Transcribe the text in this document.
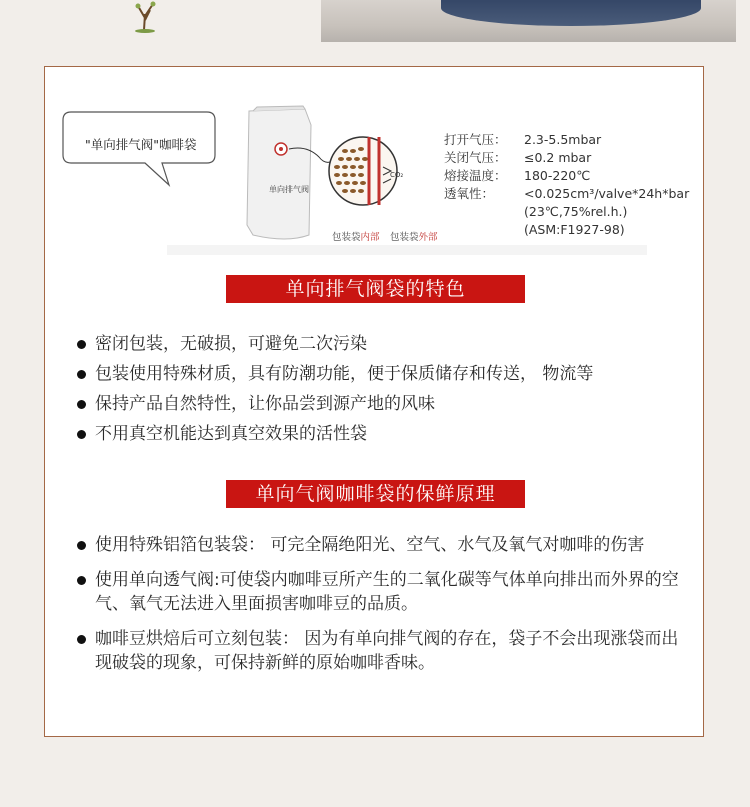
"单向排气阀"咖啡袋
单向排气阀
CO₂
包装袋内部 包装袋外部
打开气压：	2.3-5.5mbar
关闭气压：	≤0.2 mbar
熔接温度：	180-220℃
透氧性：	<0.025cm³/valve*24h*bar
(23℃,75%rel.h.)
(ASM:F1927-98)
单向排气阀袋的特色
密闭包装，无破损，可避免二次污染
包装使用特殊材质，具有防潮功能，便于保质储存和传送， 物流等
保持产品自然特性，让你品尝到源产地的风味
不用真空机能达到真空效果的活性袋
单向气阀咖啡袋的保鲜原理
使用特殊铝箔包装袋： 可完全隔绝阳光、空气、水气及氧气对咖啡的伤害
使用单向透气阀:可使袋内咖啡豆所产生的二氧化碳等气体单向排出而外界的空气、氧气无法进入里面损害咖啡豆的品质。
咖啡豆烘焙后可立刻包装： 因为有单向排气阀的存在，袋子不会出现涨袋而出现破袋的现象，可保持新鲜的原始咖啡香味。
